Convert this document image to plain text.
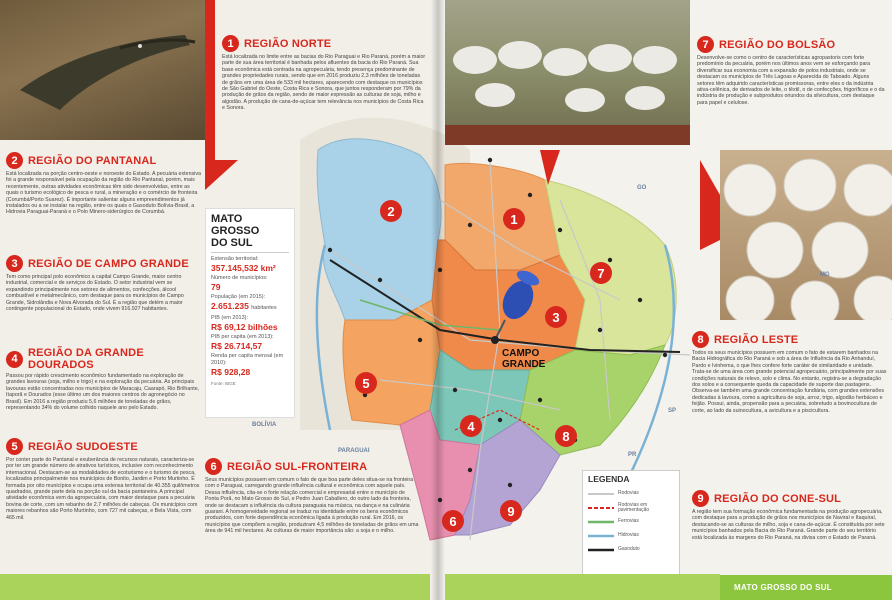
1 REGIÃO NORTE
Está localizada no limite entre as bacias do Rio Paraguai e Rio Paraná, porém a maior parte de sua área territorial é banhada pelos afluentes da bacia do Rio Paraná. Sua base econômica está centrada na agropecuária, tendo presença predominante de grandes propriedades rurais, sendo que em 2016 produziu 2,3 milhões de toneladas de grãos em uma área de 533 mil hectares, aparecendo com destaque os municípios de São Gabriel do Oeste, Costa Rica e Sonora, que juntos responderam por 79% da produção de grãos da região, sendo de maior expressão as culturas de soja, milho e algodão. A produção de cana-de-açúcar tem relevância nos municípios de Costa Rica e Sonora.
2 REGIÃO DO PANTANAL
Está localizada na porção centro-oeste e noroeste do Estado. A pecuária extensiva foi a grande responsável pela ocupação da região do Rio Pantanal, porém, mais recentemente, outras atividades econômicas têm sido desenvolvidas, entre as quais o turismo ecológico de pesca e rural, a mineração e o comércio de fronteira (Corumbá/Porto Suarez). É importante salientar alguns empreendimentos já instalados ou a se instalar na região, entre os quais o Gasoduto Bolívia-Brasil, a Hidrovia Paraguai-Paraná e o Polo Minero-siderúrgico de Corumbá.
3 REGIÃO DE CAMPO GRANDE
Tem como principal polo econômico a capital Campo Grande, maior centro industrial, comercial e de serviços do Estado. O setor industrial vem se expandindo principalmente nos setores de alimentos, confecções, álcool combustível e metalmecânico, com destaque para os municípios de Campo Grande, Sidrolândia e Nova Alvorada do Sul. É a região que detém a maior contingente populacional do Estado, onde vivem 916.927 habitantes.
4 REGIÃO DA GRANDE DOURADOS
Passou por rápido crescimento econômico fundamentado na exploração de grandes lavouras (soja, milho e trigo) e na exploração da pecuária. As principais lavouras estão concentradas nos municípios de Maracaju, Caarapó, Rio Brilhante, Itaporã e Dourados (esse último um dos maiores centros do agronegócio no Brasil). Em 2016 a região produziu 5,6 milhões de toneladas de grãos, representando 34% do volume colhido naquele ano pelo Estado.
5 REGIÃO SUDOESTE
Por conter parte do Pantanal e exuberância de recursos naturais, caracteriza-se por ter um grande número de atrativos turísticos, inclusive com reconhecimento internacional. Destacam-se as modalidades de ecoturismo e o turismo de pesca, localizados principalmente nos municípios de Bonito, Jardim e Porto Murtinho. É formada por oito municípios e ocupa uma extensa territorial de 40.355 quilômetros quadrados, grande parte dela na porção sul da bacia pantaneira. A principal atividade econômica vem da agropecuária, com maior destaque para a pecuária bovina de corte, com um rebanho de 2,7 milhões de cabeças. Os municípios com maiores rebanhos são Porto Murtinho, com 727 mil cabeças, e Bela Vista, com 465 mil.
6 REGIÃO SUL-FRONTEIRA
Seus municípios possuem em comum o fato de que boa parte deles situa-se na fronteira com o Paraguai, carregando grande influência cultural e econômica com aquele país. Dessa influência, cita-se o forte relação comercial e empresarial entre o município de Ponta Porã, no Mato Grosso do Sul, e Pedro Juan Caballero, do outro lado da fronteira, onde se destacam a influência da cultura paraguaia na música, na dança e na culinária guarani. A homogeneidade regional se traduz na identidade entre os bens econômicos produzidos, com forte dependência econômica ligada à produção rural. Em 2016, os municípios que compõem a região, produziram 4,5 milhões de toneladas de grãos em uma área de 941 mil hectares. As culturas de maior importância são: a soja e o milho.
7 REGIÃO DO BOLSÃO
Desenvolve-se como o centro de características agropastoris com forte predomínio da pecuária, porém nos últimos anos vem se esforçando para diversificar sua economia com a expansão de polos industriais, onde se destacam os municípios de Três Lagoas e Aparecida do Taboado. Alguns setores têm adquirido características promissoras, entre eles o da indústria ativa-celênica, de derivados de leite, o têxtil, o de confecções, frigoríficos e o da indústria de produção e subprodutos oriundos da silvicultura, com destaque para papel e celulose.
8 REGIÃO LESTE
Todos os seus municípios possuem em comum o fato de estarem banhados na Bacia Hidrográfica do Rio Paraná e sob a área de Influência da Rio Anhanduí, Pardo e Ivinhema, o que lhes confere forte caráter de similaridade e unidade. Trata-se de uma área com grande potencial agropecuário, principalmente por suas condições naturais de relevo, solo e clima. No entanto, registra-se a degradação dos solos e a consequente queda da capacidade de suporte das pastagens. Observa-se também uma grande concentração fundiária, com grandes extensões dedicadas à lavoura, como a agricultura de soja, arroz, trigo, algodão herbáceo e feijão. Possui, ainda, propensão para a pecuária, sobretudo a bovinocultura de corte, ao lado da suinocultura, a avicultura e a piscicultura.
9 REGIÃO DO CONE-SUL
A região tem sua formação econômica fundamentada na produção agropecuária, com destaque para a produção de grãos nos municípios de Naviraí e Itaquiraí, destacando-se as culturas de milho, soja e cana-de-açúcar. É constituída por sete municípios banhados pela Bacia do Rio Paraná. Grande parte do seu território está localizada às margens do Rio Paraná, na divisa com o Estado de Paraná.
MATO GROSSO
DO SUL
Extensão territorial:
357.145,532 km²
Número de municípios:
79
População (em 2015):
2.651.235 habitantes
PIB (em 2013):
R$ 69,12 bilhões
PIB per capita (em 2013):
R$ 26.714,57
Renda per capita mensal (em 2010):
R$ 928,28
Fonte: IBGE
1
2
3
4
5
6
7
8
9
CAMPO
GRANDE
BOLÍVIA
PARAGUAI
GO
MG
SP
PR
LEGENDA
Rodovias
Rodovias em pavimentação
Ferrovias
Hidrovias
Gasoduto
MATO GROSSO DO SUL
